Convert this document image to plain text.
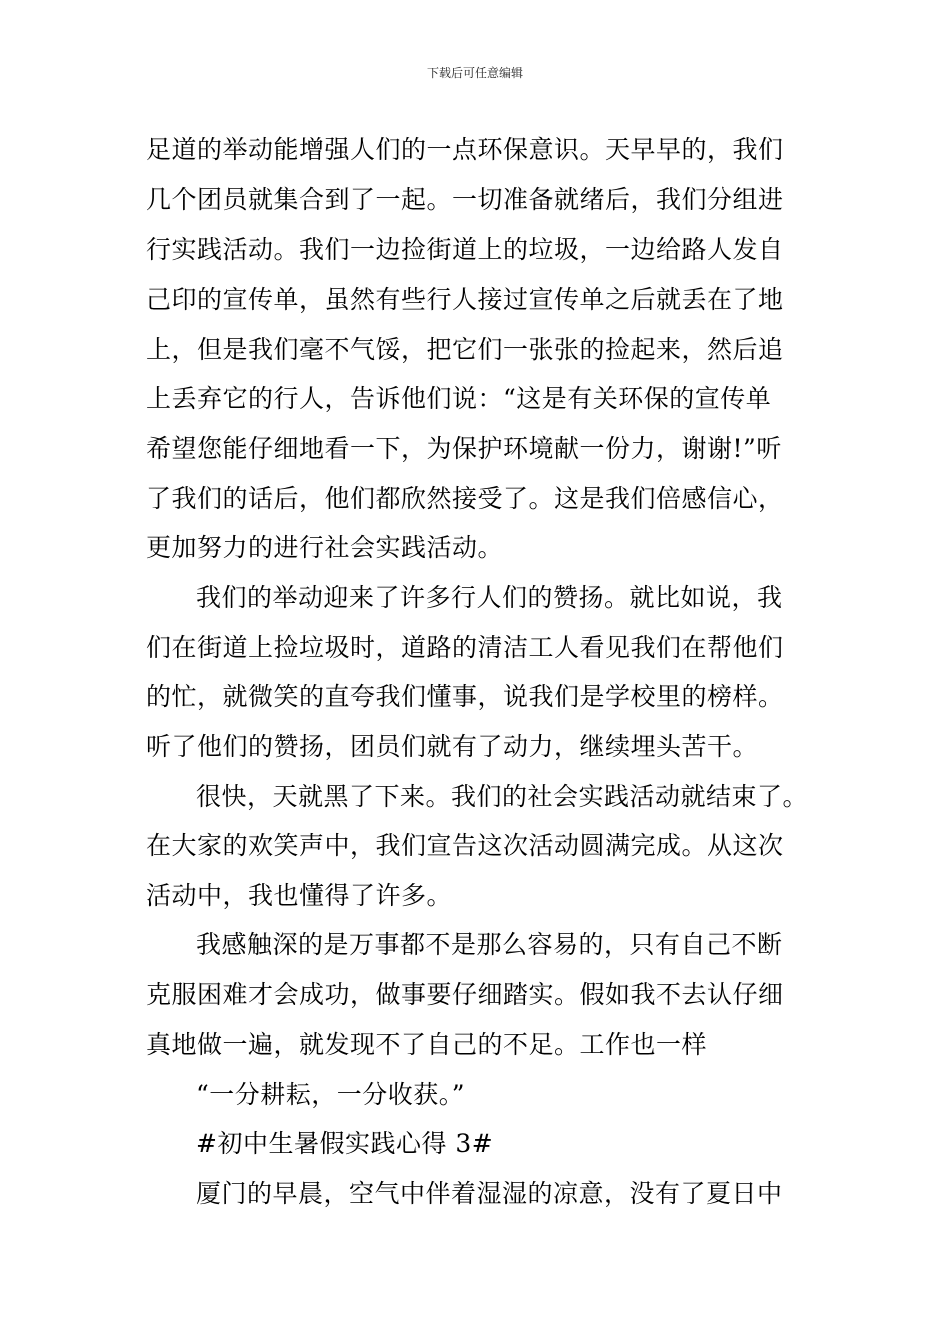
下载后可任意编辑
足道的举动能增强人们的一点环保意识。天早早的，我们
几个团员就集合到了一起。一切准备就绪后，我们分组进
行实践活动。我们一边捡街道上的垃圾，一边给路人发自
己印的宣传单，虽然有些行人接过宣传单之后就丢在了地
上，但是我们毫不气馁，把它们一张张的捡起来，然后追
上丢弃它的行人，告诉他们说：“这是有关环保的宣传单
希望您能仔细地看一下，为保护环境献一份力，谢谢!”听
了我们的话后，他们都欣然接受了。这是我们倍感信心，
更加努力的进行社会实践活动。
我们的举动迎来了许多行人们的赞扬。就比如说，我
们在街道上捡垃圾时，道路的清洁工人看见我们在帮他们
的忙，就微笑的直夸我们懂事，说我们是学校里的榜样。
听了他们的赞扬，团员们就有了动力，继续埋头苦干。
很快，天就黑了下来。我们的社会实践活动就结束了。
在大家的欢笑声中，我们宣告这次活动圆满完成。从这次
活动中，我也懂得了许多。
我感触深的是万事都不是那么容易的，只有自己不断
克服困难才会成功，做事要仔细踏实。假如我不去认仔细
真地做一遍，就发现不了自己的不足。工作也一样
“一分耕耘，一分收获。”
#初中生暑假实践心得 3#
厦门的早晨，空气中伴着湿湿的凉意，没有了夏日中
